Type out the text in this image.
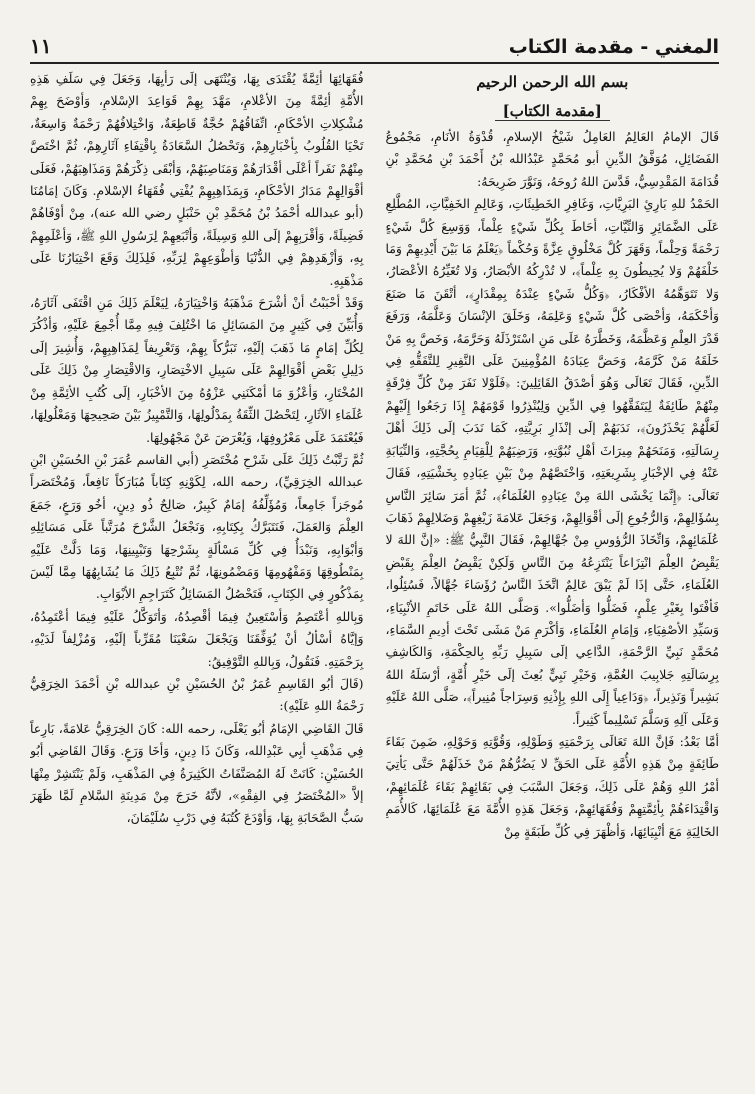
المغني - مقدمة الكتاب
١١

بسم الله الرحمن الرحيم

[مقدمة الكتاب]

قَالَ الإمامُ العَالِمُ العَامِلُ شَيْخُ الإسلامِ، قُدْوَةُ الأنَامِ، مَجْمُوعُ الفَضَائِلِ، مُوَفَّقُ الدِّينِ أبو مُحَمَّدٍ عَبْدُالله بْنُ أَحْمَدَ بْنِ مُحَمَّدِ بْنِ قُدَامَةَ المَقْدِسِيُّ، قَدَّسَ اللهُ رُوحَهُ، وَنَوَّرَ ضَرِيحَهُ:

الحَمْدُ للهِ بَارِئِ البَرِيَّاتِ، وَغَافِرِ الخَطِيئَاتِ، وَعَالِمِ الخَفِيَّاتِ، المُطَّلِعِ عَلَى الضَّمَائِرِ وَالنِّيَّاتِ، أحَاطَ بِكُلِّ شَيْءٍ عِلْماً، وَوَسِعَ كُلَّ شَيْءٍ رَحْمَةً وَحِلْماً، وَقَهَرَ كُلَّ مَخْلُوقٍ عِزَّةً وَحُكْماً ﴿يَعْلَمُ مَا بَيْنَ أَيْدِيهِمْ وَمَا خَلْفَهُمْ وَلا يُحِيطُونَ بِهِ عِلْماً﴾، لا تُدْرِكُهُ الأبْصَارُ، وَلا تُغَيِّرُهُ الأعْصَارُ، وَلا تَتَوَهَّمُهُ الأفْكَارُ، ﴿وَكُلُّ شَيْءٍ عِنْدَهُ بِمِقْدَارٍ﴾، أتْقَنَ مَا صَنَعَ وَأحْكَمَهُ، وَأحْصَى كُلَّ شَيْءٍ وَعَلِمَهُ، وَخَلَقَ الإنْسَانَ وَعَلَّمَهُ، وَرَفَعَ قَدْرَ العِلْمِ وَعَظَّمَهُ، وَخَطَّرَهُ عَلَى مَنِ اسْتَرْذَلَهُ وَحَرَّمَهُ، وَخَصَّ بِهِ مَنْ خَلَقَهُ مَنْ كَرَّمَهُ، وَحَضَّ عِبَادَهُ المُؤْمِنِينَ عَلَى النَّفِيرِ لِلتَّفَقُّهِ فِي الدِّينِ، فَقَالَ تَعَالَى وَهُوَ أصْدَقُ القَائِلِينَ: ﴿فَلَوْلا نَفَرَ مِنْ كُلِّ فِرْقَةٍ مِنْهُمْ طَائِفَةٌ لِيَتَفَقَّهُوا فِي الدِّينِ وَلِيُنْذِرُوا قَوْمَهُمْ إِذَا رَجَعُوا إِلَيْهِمْ لَعَلَّهُمْ يَحْذَرُونَ﴾، نَدَبَهُمْ إلَى إنْذَارِ بَرِيَّتِهِ، كَمَا نَدَبَ إلَى ذَلِكَ أهْلَ رِسَالَتِهِ، وَمَنَحَهُمْ مِيرَاثَ أهْلِ نُبُوَّتِهِ، وَرَضِيَهُمْ لِلْقِيَامِ بِحُجَّتِهِ، وَالنِّيَابَةِ عَنْهُ فِي الإخْبَارِ بِشَرِيعَتِهِ، وَاخْتَصَّهُمْ مِنْ بَيْنِ عِبَادِهِ بِخَشْيَتِهِ، فَقَالَ تَعَالَى: ﴿إِنَّمَا يَخْشَى اللهَ مِنْ عِبَادِهِ العُلَمَاءُ﴾، ثُمَّ أمَرَ سَائِرَ النَّاسِ بِسُؤَالِهِمْ، وَالرُّجُوعِ إلَى أقْوَالِهِمْ، وَجَعَلَ عَلامَةَ زَيْغِهِمْ وَضَلالِهِمْ ذَهَابَ عُلَمَائِهِمْ، وَاتِّخَاذَ الرُّؤوسِ مِنْ جُهَّالِهِمْ، فَقَالَ النَّبِيُّ ﷺ: «إنَّ اللهَ لا يَقْبِضُ العِلْمَ انْتِزَاعاً يَنْتَزِعُهُ مِنَ النَّاسِ وَلَكِنْ يَقْبِضُ العِلْمَ بِقَبْضِ العُلَمَاءِ، حَتَّى إذَا لَمْ يَبْقَ عَالِمٌ اتَّخَذَ النَّاسُ رُؤَسَاءَ جُهَّالاً، فَسُئِلُوا، فَأفْتَوا بِغَيْرِ عِلْمٍ، فَضَلُّوا وَأضَلُّوا». وَصَلَّى اللهُ عَلَى خَاتَمِ الأنْبِيَاءِ، وَسَيِّدِ الأصْفِيَاءِ، وَإمَامِ العُلَمَاءِ، وَأكْرَمِ مَنْ مَشَى تَحْتَ أدِيمِ السَّمَاءِ، مُحَمَّدٍ نَبِيِّ الرَّحْمَةِ، الدَّاعِي إلَى سَبِيلِ رَبِّهِ بِالحِكْمَةِ، وَالكَاشِفِ بِرِسَالَتِهِ جَلابِيبَ الغُمَّةِ، وَخَيْرِ نَبِيٍّ بُعِثَ إلَى خَيْرِ أُمَّةٍ، أرْسَلَهُ اللهُ بَشِيراً وَنَذِيراً، ﴿وَدَاعِياً إِلَى اللهِ بِإِذْنِهِ وَسِرَاجاً مُنِيراً﴾، صَلَّى اللهُ عَلَيْهِ وَعَلَى آلِهِ وَسَلَّمَ تَسْلِيماً كَثِيراً.

أمَّا بَعْدُ: فَإنَّ اللهَ تَعَالَى بِرَحْمَتِهِ وَطَوْلِهِ، وَقُوَّتِهِ وَحَوْلِهِ، ضَمِنَ بَقَاءَ طَائِفَةٍ مِنْ هَذِهِ الأُمَّةِ عَلَى الحَقِّ لا يَضُرُّهُمْ مَنْ خَذَلَهُمْ حَتَّى يَأتِيَ أمْرُ اللهِ وَهُمْ عَلَى ذَلِكَ، وَجَعَلَ السَّبَبَ فِي بَقَائِهِمْ بَقَاءَ عُلَمَائِهِمْ، وَاقْتِدَاءَهُمْ بِأئِمَّتِهِمْ وَفُقَهَائِهِمْ، وَجَعَلَ هَذِهِ الأُمَّةَ مَعَ عُلَمَائِهَا، كَالأُمَمِ الخَالِيَةِ مَعَ أنْبِيَائِهَا، وَأظْهَرَ فِي كُلِّ طَبَقَةٍ مِنْ

فُقَهَائِهَا أئِمَّةً يُقْتَدَى بِهَا، وَيُنْتَهَى إلَى رَأيِهَا، وَجَعَلَ فِي سَلَفِ هَذِهِ الأُمَّةِ أئِمَّةً مِنَ الأعْلامِ، مَهَّدَ بِهِمْ قَوَاعِدَ الإسْلامِ، وَأوْضَحَ بِهِمْ مُشْكِلاتِ الأحْكَامِ، اتِّفَاقُهُمْ حُجَّةٌ قَاطِعَةٌ، وَاخْتِلافُهُمْ رَحْمَةٌ وَاسِعَةٌ، تَحْيَا القُلُوبُ بِأخْبَارِهِمْ، وَتَحْصُلُ السَّعَادَةُ بِاقْتِفَاءِ آثَارِهِمْ، ثُمَّ اخْتَصَّ مِنْهُمْ نَفَراً أعْلَى أقْدَارَهُمْ وَمَنَاصِبَهُمْ، وَأبْقَى ذِكْرَهُمْ وَمَذَاهِبَهُمْ، فَعَلَى أقْوَالِهِمْ مَدَارُ الأحْكَامِ، وَبِمَذَاهِبِهِمْ يُفْتِي فُقَهَاءُ الإسْلامِ. وَكَانَ إمَامُنَا (أبو عبدالله أحْمَدُ بْنُ مُحَمَّدِ بْنِ حَنْبَلٍ رضي الله عنه)، مِنْ أوْفَاهُمْ فَضِيلَةً، وَأقْرَبِهِمْ إلَى اللهِ وَسِيلَةً، وَأتْبَعِهِمْ لِرَسُولِ اللهِ ﷺ، وَأعْلَمِهِمْ بِهِ، وَأزْهَدِهِمْ فِي الدُّنْيَا وَأطْوَعِهِمْ لِرَبِّهِ، فَلِذَلِكَ وَقَعَ اخْتِيَارُنَا عَلَى مَذْهَبِهِ.

وَقَدْ أحْبَبْتُ أنْ أشْرَحَ مَذْهَبَهُ وَاخْتِيَارَهُ، لِيَعْلَمَ ذَلِكَ مَنِ اقْتَفَى آثَارَهُ، وَأُبَيِّنَ فِي كَثِيرٍ مِنَ المَسَائِلِ مَا اخْتُلِفَ فِيهِ مِمَّا أُجْمِعَ عَلَيْهِ، وَأذْكُرَ لِكُلِّ إمَامٍ مَا ذَهَبَ إلَيْهِ، تَبَرُّكاً بِهِمْ، وَتَعْرِيفاً لِمَذَاهِبِهِمْ، وَأُشِيرَ إلَى دَلِيلِ بَعْضِ أقْوَالِهِمْ عَلَى سَبِيلِ الاخْتِصَارِ، وَالاقْتِصَارِ مِنْ ذَلِكَ عَلَى المُخْتَارِ، وَأعْزُوَ مَا أمْكَنَنِي عَزْوُهُ مِنَ الأخْبَارِ، إلَى كُتُبِ الأئِمَّةِ مِنْ عُلَمَاءِ الآثَارِ، لِتَحْصُلَ الثِّقَةُ بِمَدْلُولِهَا، وَالتَّمْيِيزُ بَيْنَ صَحِيحِهَا وَمَعْلُولِهَا، فَيُعْتَمَدَ عَلَى مَعْرُوفِهَا، وَيُعْرَضَ عَنْ مَجْهُولِهَا.

ثُمَّ رَتَّبْتُ ذَلِكَ عَلَى شَرْحِ مُخْتَصَرِ (أبي القاسم عُمَرَ بْنِ الحُسَيْنِ ابْنِ عبدالله الخِرَقِيِّ)، رحمه الله، لِكَوْنِهِ كِتَاباً مُبَارَكاً نَافِعاً، وَمُخْتَصَراً مُوجَزاً جَامِعاً، وَمُؤَلِّفُهُ إمَامٌ كَبِيرٌ، صَالِحٌ ذُو دِينٍ، أخُو وَرَعٍ، جَمَعَ العِلْمَ وَالعَمَلَ، فَنَتَبَرَّكُ بِكِتَابِهِ، وَنَجْعَلُ الشَّرْحَ مُرَتَّباً عَلَى مَسَائِلِهِ وَأبْوَابِهِ، وَنَبْدَأُ فِي كُلِّ مَسْألَةٍ بِشَرْحِهَا وَتَبْيِينِهَا، وَمَا دَلَّتْ عَلَيْهِ بِمَنْطُوقِهَا وَمَفْهُومِهَا وَمَضْمُونِهَا، ثُمَّ نُتْبِعُ ذَلِكَ مَا يُشَابِهُهَا مِمَّا لَيْسَ بِمَذْكُورٍ فِي الكِتَابِ، فَتَحْصُلُ المَسَائِلُ كَتَرَاجِمِ الأبْوَابِ.

وَبِاللهِ أعْتَصِمُ وَأسْتَعِينُ فِيمَا أقْصِدُهُ، وَأتَوَكَّلُ عَلَيْهِ فِيمَا أعْتَمِدُهُ، وَإيَّاهُ أسْألُ أنْ يُوَفِّقَنَا وَيَجْعَلَ سَعْيَنَا مُقَرِّباً إلَيْهِ، وَمُزْلِفاً لَدَيْهِ، بِرَحْمَتِهِ. فَنَقُولُ، وَبِاللهِ التَّوْفِيقُ:

(قَالَ أبُو القَاسِمِ عُمَرُ بْنُ الحُسَيْنِ بْنِ عبدالله بْنِ أحْمَدَ الخِرَقِيُّ رَحْمَةُ اللهِ عَلَيْهِ):

قَالَ القَاضِي الإمَامُ أبُو يَعْلَى، رحمه الله: كَانَ الخِرَقِيُّ عَلامَةً، بَارِعاً فِي مَذْهَبِ أبِي عَبْدِالله، وَكَانَ ذَا دِينٍ، وَأخَا وَرَعٍ. وَقَالَ القَاضِي أبُو الحُسَيْنِ: كَانَتْ لَهُ المُصَنَّفَاتُ الكَثِيرَةُ فِي المَذْهَبِ، وَلَمْ يَنْتَشِرْ مِنْهَا إلاَّ «المُخْتَصَرُ فِي الفِقْهِ»، لأنَّهُ خَرَجَ مِنْ مَدِينَةِ السَّلامِ لَمَّا ظَهَرَ سَبُّ الصَّحَابَةِ بِهَا، وَأوْدَعَ كُتُبَهُ فِي دَرْبِ سُلَيْمَانَ،
